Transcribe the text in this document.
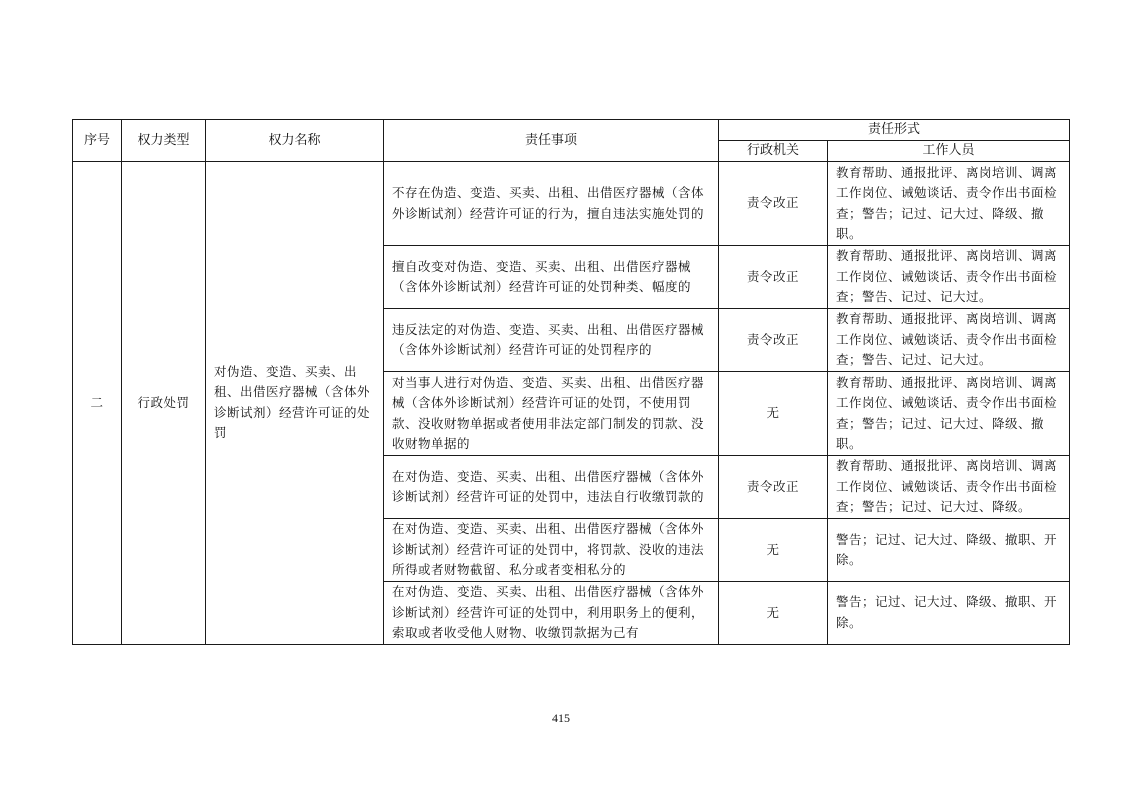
序号	权力类型	权力名称	责任事项	责任形式	
				行政机关	工作人员
二	行政处罚	对伪造、变造、买卖、出租、出借医疗器械（含体外诊断试剂）经营许可证的处罚	不存在伪造、变造、买卖、出租、出借医疗器械（含体外诊断试剂）经营许可证的行为，擅自违法实施处罚的	责令改正	教育帮助、通报批评、离岗培训、调离工作岗位、诫勉谈话、责令作出书面检查；警告；记过、记大过、降级、撤职。
			擅自改变对伪造、变造、买卖、出租、出借医疗器械（含体外诊断试剂）经营许可证的处罚种类、幅度的	责令改正	教育帮助、通报批评、离岗培训、调离工作岗位、诫勉谈话、责令作出书面检查；警告、记过、记大过。
			违反法定的对伪造、变造、买卖、出租、出借医疗器械（含体外诊断试剂）经营许可证的处罚程序的	责令改正	教育帮助、通报批评、离岗培训、调离工作岗位、诫勉谈话、责令作出书面检查；警告、记过、记大过。
			对当事人进行对伪造、变造、买卖、出租、出借医疗器械（含体外诊断试剂）经营许可证的处罚，不使用罚款、没收财物单据或者使用非法定部门制发的罚款、没收财物单据的	无	教育帮助、通报批评、离岗培训、调离工作岗位、诫勉谈话、责令作出书面检查；警告；记过、记大过、降级、撤职。
			在对伪造、变造、买卖、出租、出借医疗器械（含体外诊断试剂）经营许可证的处罚中，违法自行收缴罚款的	责令改正	教育帮助、通报批评、离岗培训、调离工作岗位、诫勉谈话、责令作出书面检查；警告；记过、记大过、降级。
			在对伪造、变造、买卖、出租、出借医疗器械（含体外诊断试剂）经营许可证的处罚中，将罚款、没收的违法所得或者财物截留、私分或者变相私分的	无	警告；记过、记大过、降级、撤职、开除。
			在对伪造、变造、买卖、出租、出借医疗器械（含体外诊断试剂）经营许可证的处罚中，利用职务上的便利，索取或者收受他人财物、收缴罚款据为己有	无	警告；记过、记大过、降级、撤职、开除。
415
